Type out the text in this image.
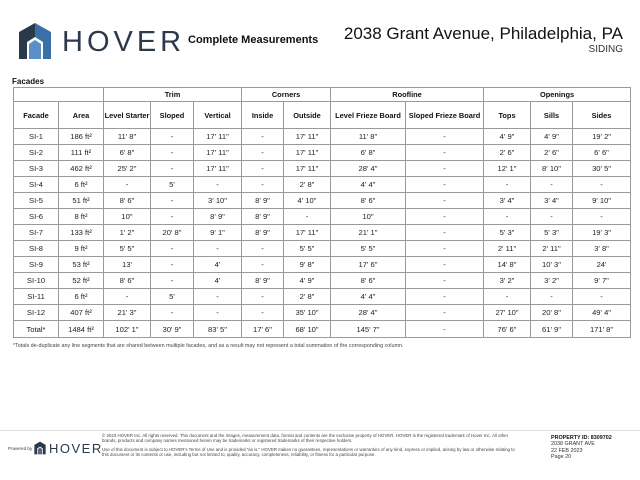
HOVER Complete Measurements 2038 Grant Avenue, Philadelphia, PA
SIDING
Facades
		Trim			Corners		Roofline		Openings		
Facade	Area	Level Starter	Sloped	Vertical	Inside	Outside	Level Frieze Board	Sloped Frieze Board	Tops	Sills	Sides
SI-1	186 ft²	11' 8"	-	17' 11"	-	17' 11"	11' 8"	-	4' 9"	4' 9"	19' 2"
SI-2	111 ft²	6' 8"	-	17' 11"	-	17' 11"	6' 8"	-	2' 6"	2' 6"	6' 6"
SI-3	462 ft²	25' 2"	-	17' 11"	-	17' 11"	28' 4"	-	12' 1"	8' 10"	30' 5"
SI-4	6 ft²	-	5'	-	-	2' 8"	4' 4"	-	-	-	-
SI-5	51 ft²	8' 6"	-	3' 10"	8' 9"	4' 10"	8' 6"	-	3' 4"	3' 4"	9' 10"
SI-6	8 ft²	10"	-	8' 9"	8' 9"	-	10"	-	-	-	-
SI-7	133 ft²	1' 2"	20' 8"	9' 1"	8' 9"	17' 11"	21' 1"	-	5' 3"	5' 3"	19' 3"
SI-8	9 ft²	5' 5"	-	-	-	5' 5"	5' 5"	-	2' 11"	2' 11"	3' 8"
SI-9	53 ft²	13'	-	4'	-	9' 8"	17' 6"	-	14' 8"	10' 3"	24'
SI-10	52 ft²	8' 6"	-	4'	8' 9"	4' 9"	8' 6"	-	3' 2"	3' 2"	9' 7"
SI-11	6 ft²	-	5'	-	-	2' 8"	4' 4"	-	-	-	-
SI-12	407 ft²	21' 3"	-	-	-	35' 10"	28' 4"	-	27' 10"	20' 8"	49' 4"
Total*	1484 ft²	102' 1"	30' 9"	83' 5"	17' 6"	68' 10"	145' 7"	-	76' 6"	61' 9"	171' 8"
*Totals de-duplicate any line segments that are shared between multiple facades, and as a result may not represent a total summation of the corresponding column.
Powered by HOVER

© 2023 HOVER Inc. All rights reserved. This document and the images, measurement data, format and contents are the exclusive property of HOVER. HOVER is the registered trademark of Hover Inc. All other brands, products and company names mentioned herein may be trademarks or registered trademarks of their respective holders.

Use of this document is subject to HOVER's Terms of Use and is provided "as is." HOVER makes no guarantees, representations or warranties of any kind, express or implied, arising by law or otherwise relating to this document or its contents or use, including but not limited to, quality, accuracy, completeness, reliability, or fitness for a particular purpose.

PROPERTY ID: 8309702
2038 GRANT AVE
22 FEB 2023
Page 20
